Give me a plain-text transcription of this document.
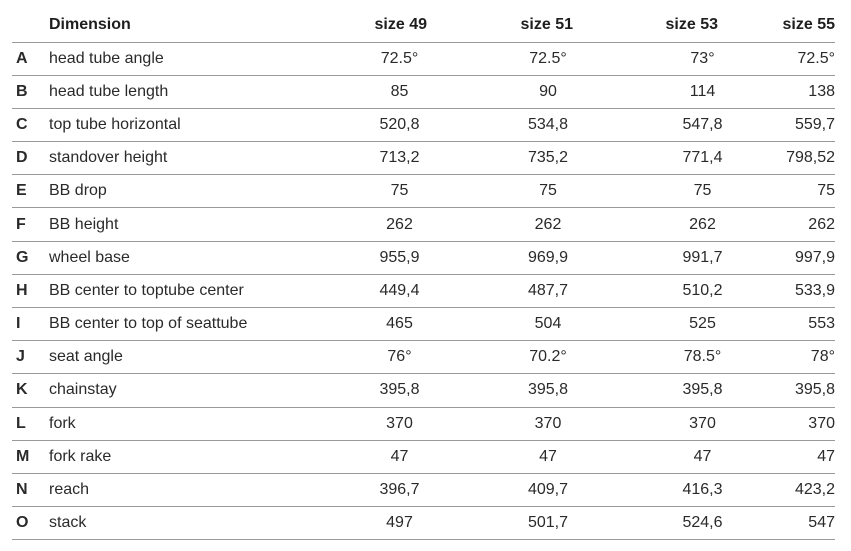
	Dimension	size 49	size 51	size 53	size 55
A	head tube angle	72.5°	72.5°	73°	72.5°
B	head tube length	85	90	114	138
C	top tube horizontal	520,8	534,8	547,8	559,7
D	standover height	713,2	735,2	771,4	798,52
E	BB drop	75	75	75	75
F	BB height	262	262	262	262
G	wheel base	955,9	969,9	991,7	997,9
H	BB center to toptube center	449,4	487,7	510,2	533,9
I	BB center to top of seattube	465	504	525	553
J	seat angle	76°	70.2°	78.5°	78°
K	chainstay	395,8	395,8	395,8	395,8
L	fork	370	370	370	370
M	fork rake	47	47	47	47
N	reach	396,7	409,7	416,3	423,2
O	stack	497	501,7	524,6	547
